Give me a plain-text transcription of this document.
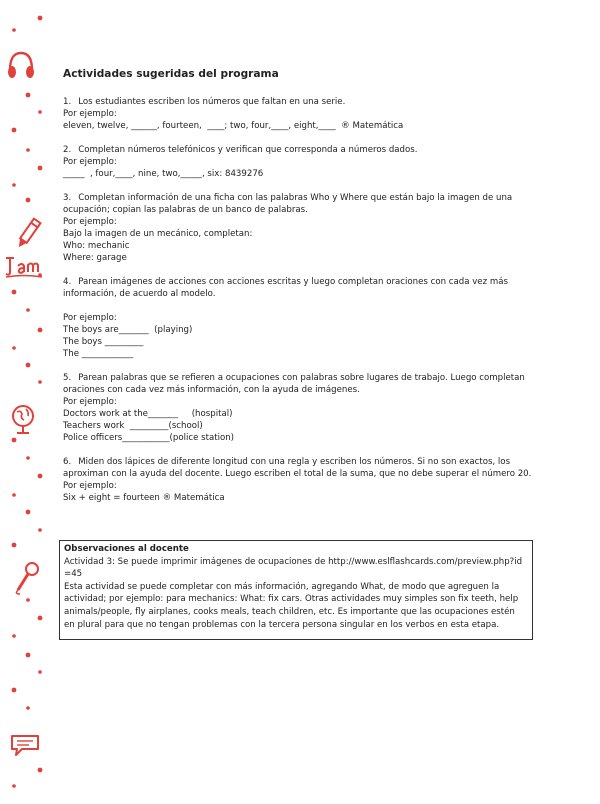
Actividades sugeridas del programa
1. Los estudiantes escriben los números que faltan en una serie.
Por ejemplo:
eleven, twelve, ______, fourteen,  ____; two, four,____, eight,____  ® Matemática
2. Completan números telefónicos y verifican que corresponda a números dados.
Por ejemplo:
_____  , four,____, nine, two,_____, six: 8439276
3. Completan información de una ficha con las palabras Who y Where que están bajo la imagen de una ocupación; copian las palabras de un banco de palabras.
Por ejemplo:
Bajo la imagen de un mecánico, completan:
Who: mechanic
Where: garage
4. Parean imágenes de acciones con acciones escritas y luego completan oraciones con cada vez más información, de acuerdo al modelo.
Por ejemplo:
The boys are_______  (playing)
The boys _________
The ____________
5. Parean palabras que se refieren a ocupaciones con palabras sobre lugares de trabajo. Luego completan oraciones con cada vez más información, con la ayuda de imágenes.
Por ejemplo:
Doctors work at the_______     (hospital)
Teachers work  _________(school)
Police officers___________(police station)
6. Miden dos lápices de diferente longitud con una regla y escriben los números. Si no son exactos, los aproximan con la ayuda del docente. Luego escriben el total de la suma, que no debe superar el número 20. Por ejemplo:
Six + eight = fourteen ® Matemática
Observaciones al docente
Actividad 3: Se puede imprimir imágenes de ocupaciones de http://www.eslflashcards.com/preview.php?id=45
Esta actividad se puede completar con más información, agregando What, de modo que agreguen la actividad; por ejemplo: para mechanics: What: fix cars. Otras actividades muy simples son fix teeth, help animals/people, fly airplanes, cooks meals, teach children, etc. Es importante que las ocupaciones estén en plural para que no tengan problemas con la tercera persona singular en los verbos en esta etapa.
